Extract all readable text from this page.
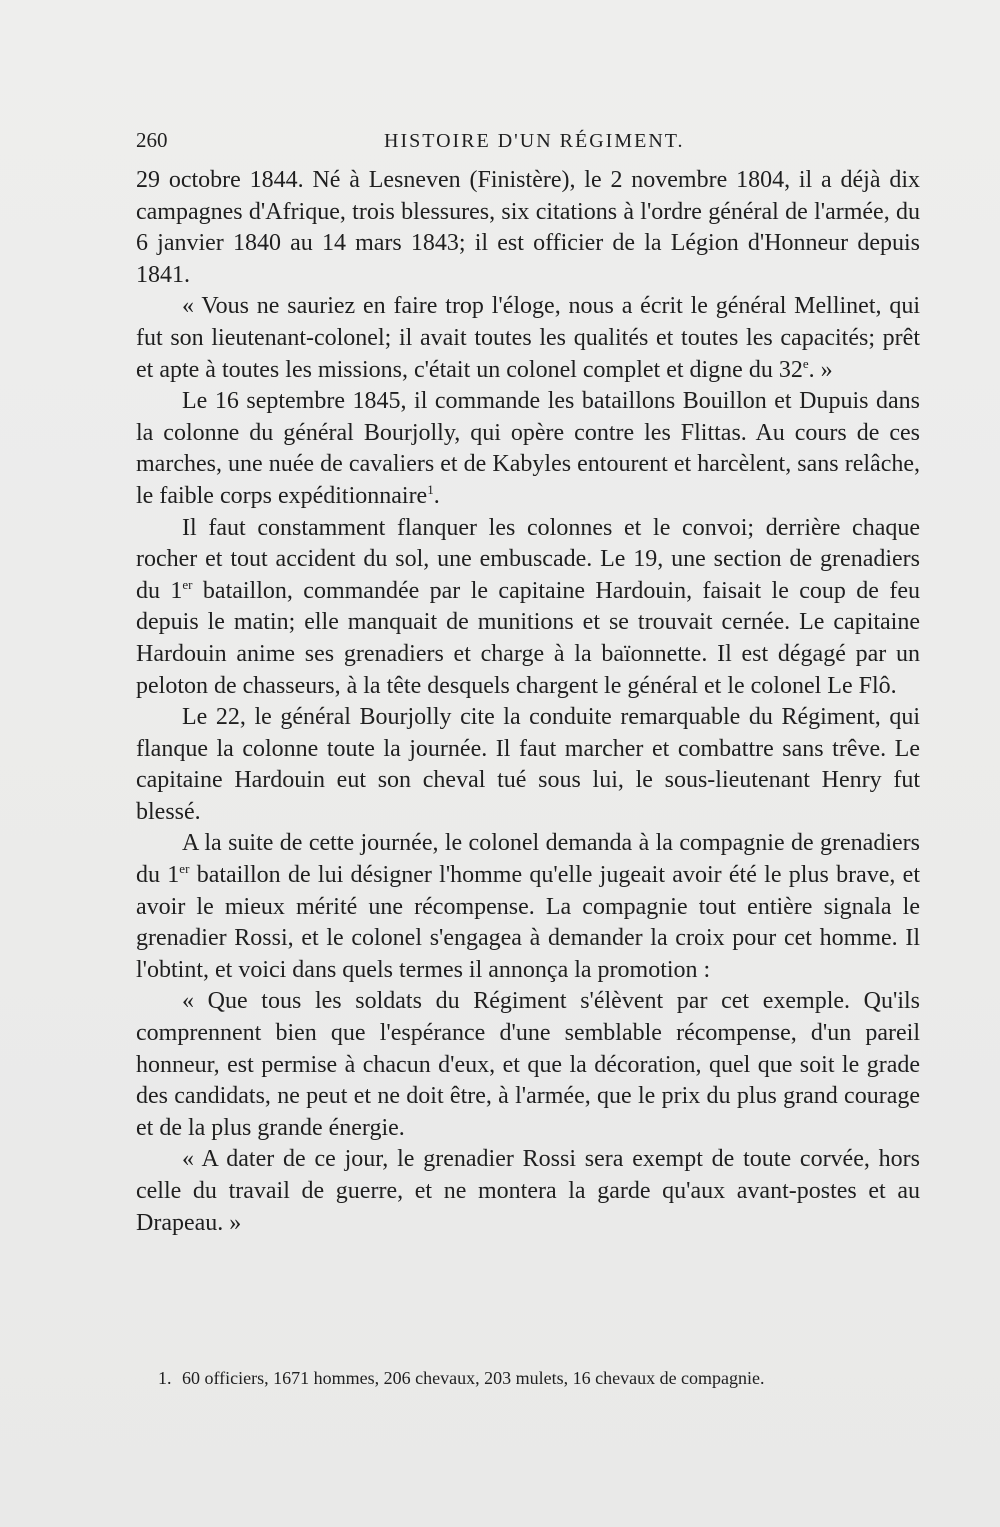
260	HISTOIRE D'UN RÉGIMENT.

29 octobre 1844. Né à Lesneven (Finistère), le 2 novembre 1804, il a déjà dix campagnes d'Afrique, trois blessures, six citations à l'ordre général de l'armée, du 6 janvier 1840 au 14 mars 1843; il est officier de la Légion d'Honneur depuis 1841.

« Vous ne sauriez en faire trop l'éloge, nous a écrit le général Mellinet, qui fut son lieutenant-colonel; il avait toutes les qualités et toutes les capacités; prêt et apte à toutes les missions, c'était un colonel complet et digne du 32e. »

Le 16 septembre 1845, il commande les bataillons Bouillon et Dupuis dans la colonne du général Bourjolly, qui opère contre les Flittas. Au cours de ces marches, une nuée de cavaliers et de Kabyles entourent et harcèlent, sans relâche, le faible corps expéditionnaire$^1$.

Il faut constamment flanquer les colonnes et le convoi; derrière chaque rocher et tout accident du sol, une embuscade. Le 19, une section de grenadiers du 1er bataillon, commandée par le capitaine Hardouin, faisait le coup de feu depuis le matin; elle manquait de munitions et se trouvait cernée. Le capitaine Hardouin anime ses grenadiers et charge à la baïonnette. Il est dégagé par un peloton de chasseurs, à la tête desquels chargent le général et le colonel Le Flô.

Le 22, le général Bourjolly cite la conduite remarquable du Régiment, qui flanque la colonne toute la journée. Il faut marcher et combattre sans trêve. Le capitaine Hardouin eut son cheval tué sous lui, le sous-lieutenant Henry fut blessé.

A la suite de cette journée, le colonel demanda à la compagnie de grenadiers du 1er bataillon de lui désigner l'homme qu'elle jugeait avoir été le plus brave, et avoir le mieux mérité une récompense. La compagnie tout entière signala le grenadier Rossi, et le colonel s'engagea à demander la croix pour cet homme. Il l'obtint, et voici dans quels termes il annonça la promotion :

« Que tous les soldats du Régiment s'élèvent par cet exemple. Qu'ils comprennent bien que l'espérance d'une semblable récompense, d'un pareil honneur, est permise à chacun d'eux, et que la décoration, quel que soit le grade des candidats, ne peut et ne doit être, à l'armée, que le prix du plus grand courage et de la plus grande énergie.

« A dater de ce jour, le grenadier Rossi sera exempt de toute corvée, hors celle du travail de guerre, et ne montera la garde qu'aux avant-postes et au Drapeau. »

1. 60 officiers, 1671 hommes, 206 chevaux, 203 mulets, 16 chevaux de compagnie.
